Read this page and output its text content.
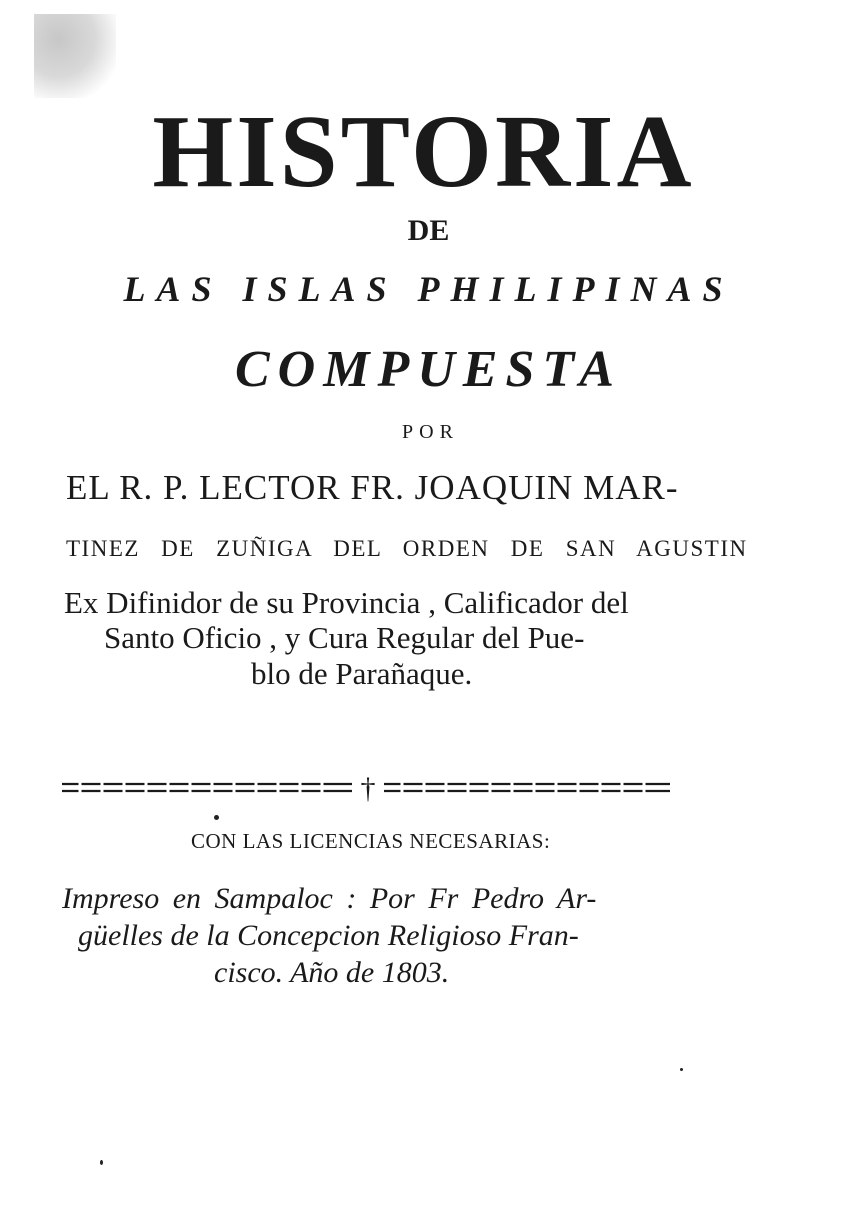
HISTORIA
DE
LAS ISLAS PHILIPINAS
COMPUESTA
POR
EL R. P. LECTOR FR. JOAQUIN MAR-
TINEZ DE ZUÑIGA DEL ORDEN DE SAN AGUSTIN
Ex Difinidor de su Provincia , Calificador del
Santo Oficio , y Cura Regular del Pue-
blo de Parañaque.
†
CON LAS LICENCIAS NECESARIAS:
Impreso en Sampaloc : Por Fr Pedro Ar-
güelles de la Concepcion Religioso Fran-
cisco. Año de 1803.
